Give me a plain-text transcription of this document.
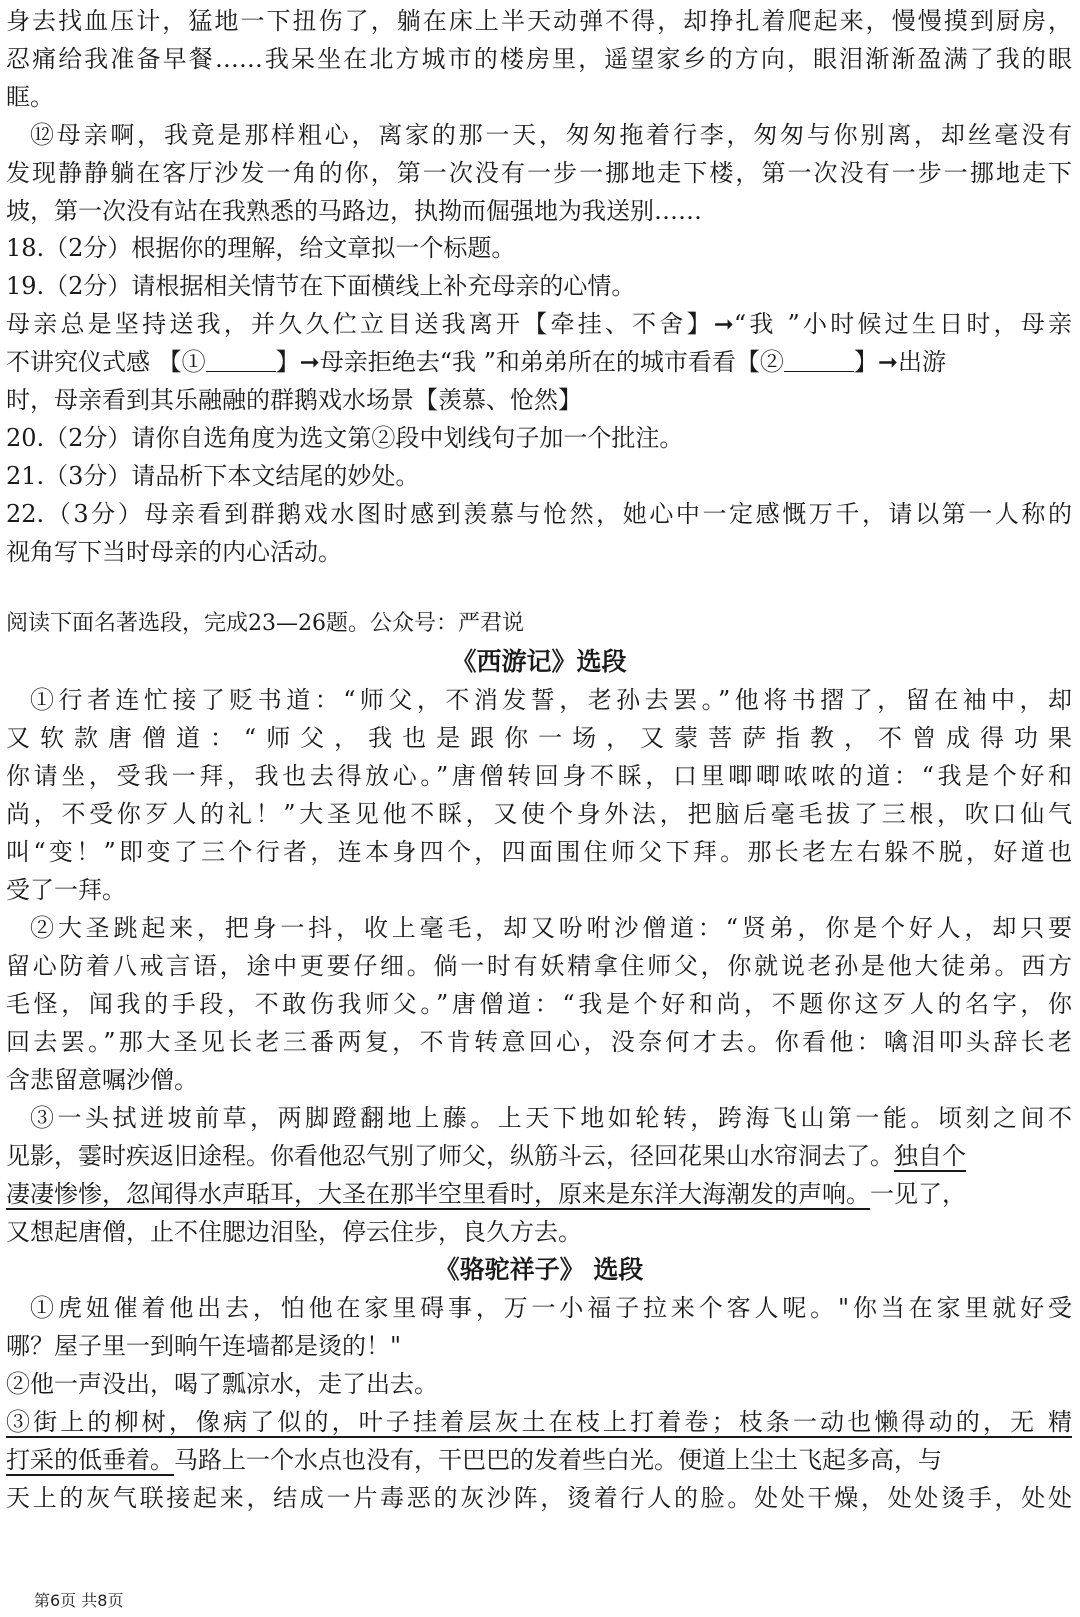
身去找血压计，猛地一下扭伤了，躺在床上半天动弹不得，却挣扎着爬起来，慢慢摸到厨房，
忍痛给我准备早餐……我呆坐在北方城市的楼房里，遥望家乡的方向，眼泪渐渐盈满了我的眼
眶。
⑫母亲啊，我竟是那样粗心，离家的那一天，匆匆拖着行李，匆匆与你别离，却丝毫没有
发现静静躺在客厅沙发一角的你，第一次没有一步一挪地走下楼，第一次没有一步一挪地走下
坡，第一次没有站在我熟悉的马路边，执拗而倔强地为我送别……
18.（2分）根据你的理解，给文章拟一个标题。
19.（2分）请根据相关情节在下面横线上补充母亲的心情。
母亲总是坚持送我，并久久伫立目送我离开【牵挂、不舍】➞“我 ”小时候过生日时，母亲
不讲究仪式感 【①	】➞母亲拒绝去“我 ”和弟弟所在的城市看看【②	】➞出游
时，母亲看到其乐融融的群鹅戏水场景【羡慕、怆然】
20.（2分）请你自选角度为选文第②段中划线句子加一个批注。
21.（3分）请品析下本文结尾的妙处。
22.（3分）母亲看到群鹅戏水图时感到羡慕与怆然，她心中一定感慨万千，请以第一人称的
视角写下当时母亲的内心活动。
阅读下面名著选段，完成23—26题。公众号：严君说
《西游记》选段
①行者连忙接了贬书道：“师父，不消发誓，老孙去罢。”他将书摺了，留在袖中，却
又软款唐僧道：“师父，我也是跟你一场，又蒙菩萨指教，不曾成得功果
你请坐，受我一拜，我也去得放心。”唐僧转回身不睬，口里唧唧哝哝的道：“我是个好和
尚，不受你歹人的礼！”大圣见他不睬，又使个身外法，把脑后毫毛拔了三根，吹口仙气
叫“变！”即变了三个行者，连本身四个，四面围住师父下拜。那长老左右躲不脱，好道也
受了一拜。
②大圣跳起来，把身一抖，收上毫毛，却又吩咐沙僧道：“贤弟，你是个好人，却只要
留心防着八戒言语，途中更要仔细。倘一时有妖精拿住师父，你就说老孙是他大徒弟。西方
毛怪，闻我的手段，不敢伤我师父。”唐僧道：“我是个好和尚，不题你这歹人的名字，你
回去罢。”那大圣见长老三番两复，不肯转意回心，没奈何才去。你看他：噙泪叩头辞长老
含悲留意嘱沙僧。
③一头拭迸坡前草，两脚蹬翻地上藤。上天下地如轮转，跨海飞山第一能。顷刻之间不
见影，霎时疾返旧途程。你看他忍气别了师父，纵筋斗云，径回花果山水帘洞去了。独自个
凄凄惨惨，忽闻得水声聒耳，大圣在那半空里看时，原来是东洋大海潮发的声响。一见了，
又想起唐僧，止不住腮边泪坠，停云住步，良久方去。
《骆驼祥子》 选段
①虎妞催着他出去，怕他在家里碍事，万一小福子拉来个客人呢。"你当在家里就好受
哪？屋子里一到晌午连墙都是烫的！"
②他一声没出，喝了瓢凉水，走了出去。
③街上的柳树，像病了似的，叶子挂着层灰土在枝上打着卷；枝条一动也懒得动的，无 精
打采的低垂着。马路上一个水点也没有，干巴巴的发着些白光。便道上尘土飞起多高，与
天上的灰气联接起来，结成一片毒恶的灰沙阵，烫着行人的脸。处处干燥，处处烫手，处处
第6页 共8页
